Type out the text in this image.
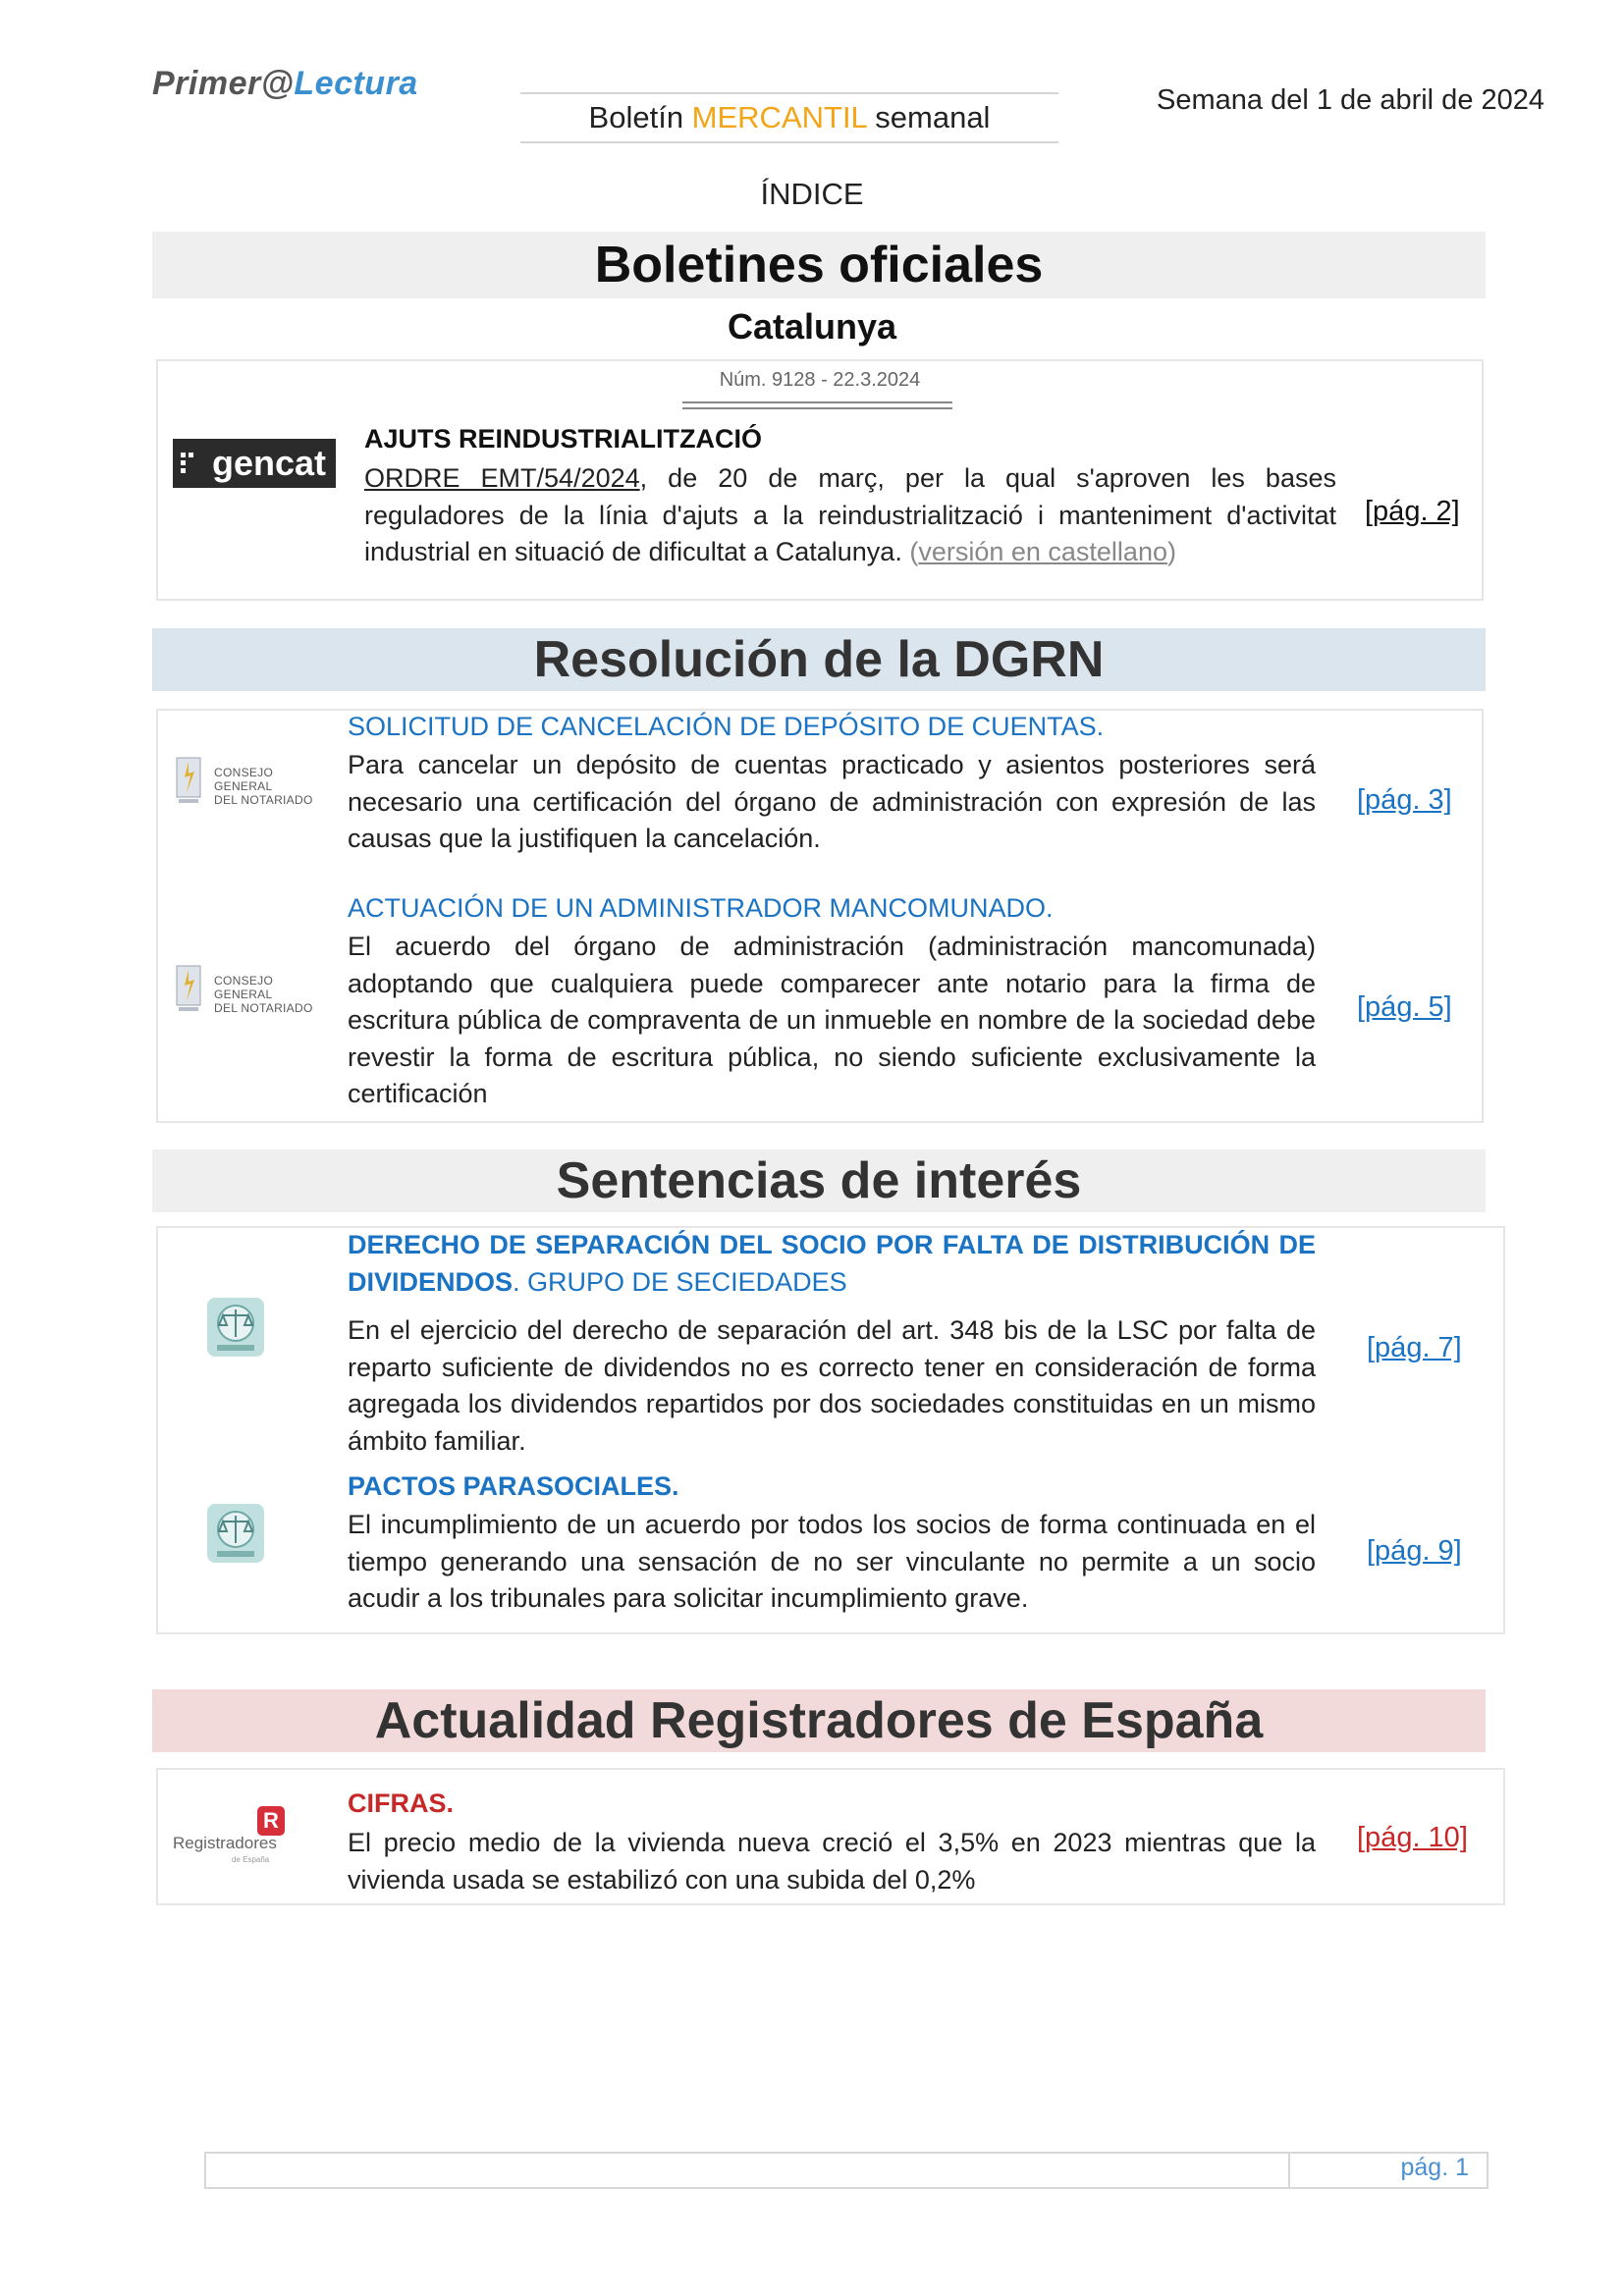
Primer@Lectura
Boletín MERCANTIL semanal	Semana del 1 de abril de 2024
ÍNDICE
Boletines oficiales
Catalunya
Núm. 9128 - 22.3.2024
gencat
AJUTS REINDUSTRIALITZACIÓ
ORDRE EMT/54/2024, de 20 de març, per la qual s'aproven les bases reguladores de la línia d'ajuts a la reindustrialització i manteniment d'activitat industrial en situació de dificultat a Catalunya. (versión en castellano)
[pág. 2]
Resolución de la DGRN
CONSEJO GENERAL
DEL NOTARIADO
SOLICITUD DE CANCELACIÓN DE DEPÓSITO DE CUENTAS.
Para cancelar un depósito de cuentas practicado y asientos posteriores será necesario una certificación del órgano de administración con expresión de las causas que la justifiquen la cancelación.
[pág. 3]
CONSEJO GENERAL
DEL NOTARIADO
ACTUACIÓN DE UN ADMINISTRADOR MANCOMUNADO.
El acuerdo del órgano de administración (administración mancomunada) adoptando que cualquiera puede comparecer ante notario para la firma de escritura pública de compraventa de un inmueble en nombre de la sociedad debe revestir la forma de escritura pública, no siendo suficiente exclusivamente la certificación
[pág. 5]
Sentencias de interés
DERECHO DE SEPARACIÓN DEL SOCIO POR FALTA DE DISTRIBUCIÓN DE DIVIDENDOS. GRUPO DE SECIEDADES
En el ejercicio del derecho de separación del art. 348 bis de la LSC por falta de reparto suficiente de dividendos no es correcto tener en consideración de forma agregada los dividendos repartidos por dos sociedades constituidas en un mismo ámbito familiar.
[pág. 7]
PACTOS PARASOCIALES.
El incumplimiento de un acuerdo por todos los socios de forma continuada en el tiempo generando una sensación de no ser vinculante no permite a un socio acudir a los tribunales para solicitar incumplimiento grave.
[pág. 9]
Actualidad Registradores de España
R
Registradores
de España
CIFRAS.
El precio medio de la vivienda nueva creció el 3,5% en 2023 mientras que la vivienda usada se estabilizó con una subida del 0,2%
[pág. 10]
pág. 1
